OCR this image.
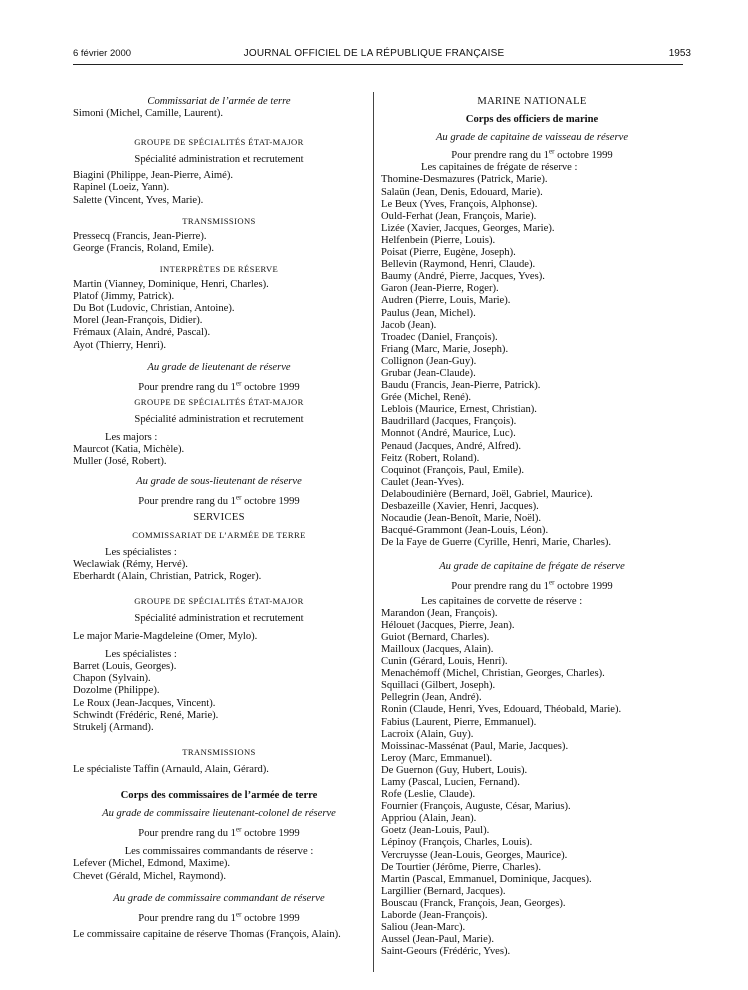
6 février 2000	JOURNAL OFFICIEL DE LA RÉPUBLIQUE FRANÇAISE	1953
Commissariat de l’armée de terre
Simoni (Michel, Camille, Laurent).
GROUPE DE SPÉCIALITÉS ÉTAT-MAJOR
Spécialité administration et recrutement
Biagini (Philippe, Jean-Pierre, Aimé).
Rapinel (Loeiz, Yann).
Salette (Vincent, Yves, Marie).
TRANSMISSIONS
Pressecq (Francis, Jean-Pierre).
George (Francis, Roland, Emile).
INTERPRÈTES DE RÉSERVE
Martin (Vianney, Dominique, Henri, Charles).
Platof (Jimmy, Patrick).
Du Bot (Ludovic, Christian, Antoine).
Morel (Jean-François, Didier).
Frémaux (Alain, André, Pascal).
Ayot (Thierry, Henri).
Au grade de lieutenant de réserve
Pour prendre rang du 1er octobre 1999
GROUPE DE SPÉCIALITÉS ÉTAT-MAJOR
Spécialité administration et recrutement
Les majors :
Maurcot (Katia, Michèle).
Muller (José, Robert).
Au grade de sous-lieutenant de réserve
Pour prendre rang du 1er octobre 1999
SERVICES
COMMISSARIAT DE L’ARMÉE DE TERRE
Les spécialistes :
Weclawiak (Rémy, Hervé).
Eberhardt (Alain, Christian, Patrick, Roger).
GROUPE DE SPÉCIALITÉS ÉTAT-MAJOR
Spécialité administration et recrutement
Le major Marie-Magdeleine (Omer, Mylo).
Les spécialistes :
Barret (Louis, Georges).
Chapon (Sylvain).
Dozolme (Philippe).
Le Roux (Jean-Jacques, Vincent).
Schwindt (Frédéric, René, Marie).
Strukelj (Armand).
TRANSMISSIONS
Le spécialiste Taffin (Arnauld, Alain, Gérard).
Corps des commissaires de l’armée de terre
Au grade de commissaire lieutenant-colonel de réserve
Pour prendre rang du 1er octobre 1999
Les commissaires commandants de réserve :
Lefever (Michel, Edmond, Maxime).
Chevet (Gérald, Michel, Raymond).
Au grade de commissaire commandant de réserve
Pour prendre rang du 1er octobre 1999
Le commissaire capitaine de réserve Thomas (François, Alain).
MARINE NATIONALE
Corps des officiers de marine
Au grade de capitaine de vaisseau de réserve
Pour prendre rang du 1er octobre 1999
Les capitaines de frégate de réserve :
Thomine-Desmazures (Patrick, Marie).
Salaün (Jean, Denis, Edouard, Marie).
Le Beux (Yves, François, Alphonse).
Ould-Ferhat (Jean, François, Marie).
Lizée (Xavier, Jacques, Georges, Marie).
Helfenbein (Pierre, Louis).
Poisat (Pierre, Eugène, Joseph).
Bellevin (Raymond, Henri, Claude).
Baumy (André, Pierre, Jacques, Yves).
Garon (Jean-Pierre, Roger).
Audren (Pierre, Louis, Marie).
Paulus (Jean, Michel).
Jacob (Jean).
Troadec (Daniel, François).
Friang (Marc, Marie, Joseph).
Collignon (Jean-Guy).
Grubar (Jean-Claude).
Baudu (Francis, Jean-Pierre, Patrick).
Grée (Michel, René).
Leblois (Maurice, Ernest, Christian).
Baudrillard (Jacques, François).
Monnot (André, Maurice, Luc).
Penaud (Jacques, André, Alfred).
Feitz (Robert, Roland).
Coquinot (François, Paul, Emile).
Caulet (Jean-Yves).
Delaboudinière (Bernard, Joël, Gabriel, Maurice).
Desbazeille (Xavier, Henri, Jacques).
Nocaudie (Jean-Benoît, Marie, Noël).
Bacqué-Grammont (Jean-Louis, Léon).
De la Faye de Guerre (Cyrille, Henri, Marie, Charles).
Au grade de capitaine de frégate de réserve
Pour prendre rang du 1er octobre 1999
Les capitaines de corvette de réserve :
Marandon (Jean, François).
Hélouet (Jacques, Pierre, Jean).
Guiot (Bernard, Charles).
Mailloux (Jacques, Alain).
Cunin (Gérard, Louis, Henri).
Menachémoff (Michel, Christian, Georges, Charles).
Squillaci (Gilbert, Joseph).
Pellegrin (Jean, André).
Ronin (Claude, Henri, Yves, Edouard, Théobald, Marie).
Fabius (Laurent, Pierre, Emmanuel).
Lacroix (Alain, Guy).
Moissinac-Massénat (Paul, Marie, Jacques).
Leroy (Marc, Emmanuel).
De Guernon (Guy, Hubert, Louis).
Lamy (Pascal, Lucien, Fernand).
Rofe (Leslie, Claude).
Fournier (François, Auguste, César, Marius).
Appriou (Alain, Jean).
Goetz (Jean-Louis, Paul).
Lépinoy (François, Charles, Louis).
Vercruysse (Jean-Louis, Georges, Maurice).
De Tourtier (Jérôme, Pierre, Charles).
Martin (Pascal, Emmanuel, Dominique, Jacques).
Largillier (Bernard, Jacques).
Bouscau (Franck, François, Jean, Georges).
Laborde (Jean-François).
Saliou (Jean-Marc).
Aussel (Jean-Paul, Marie).
Saint-Geours (Frédéric, Yves).
